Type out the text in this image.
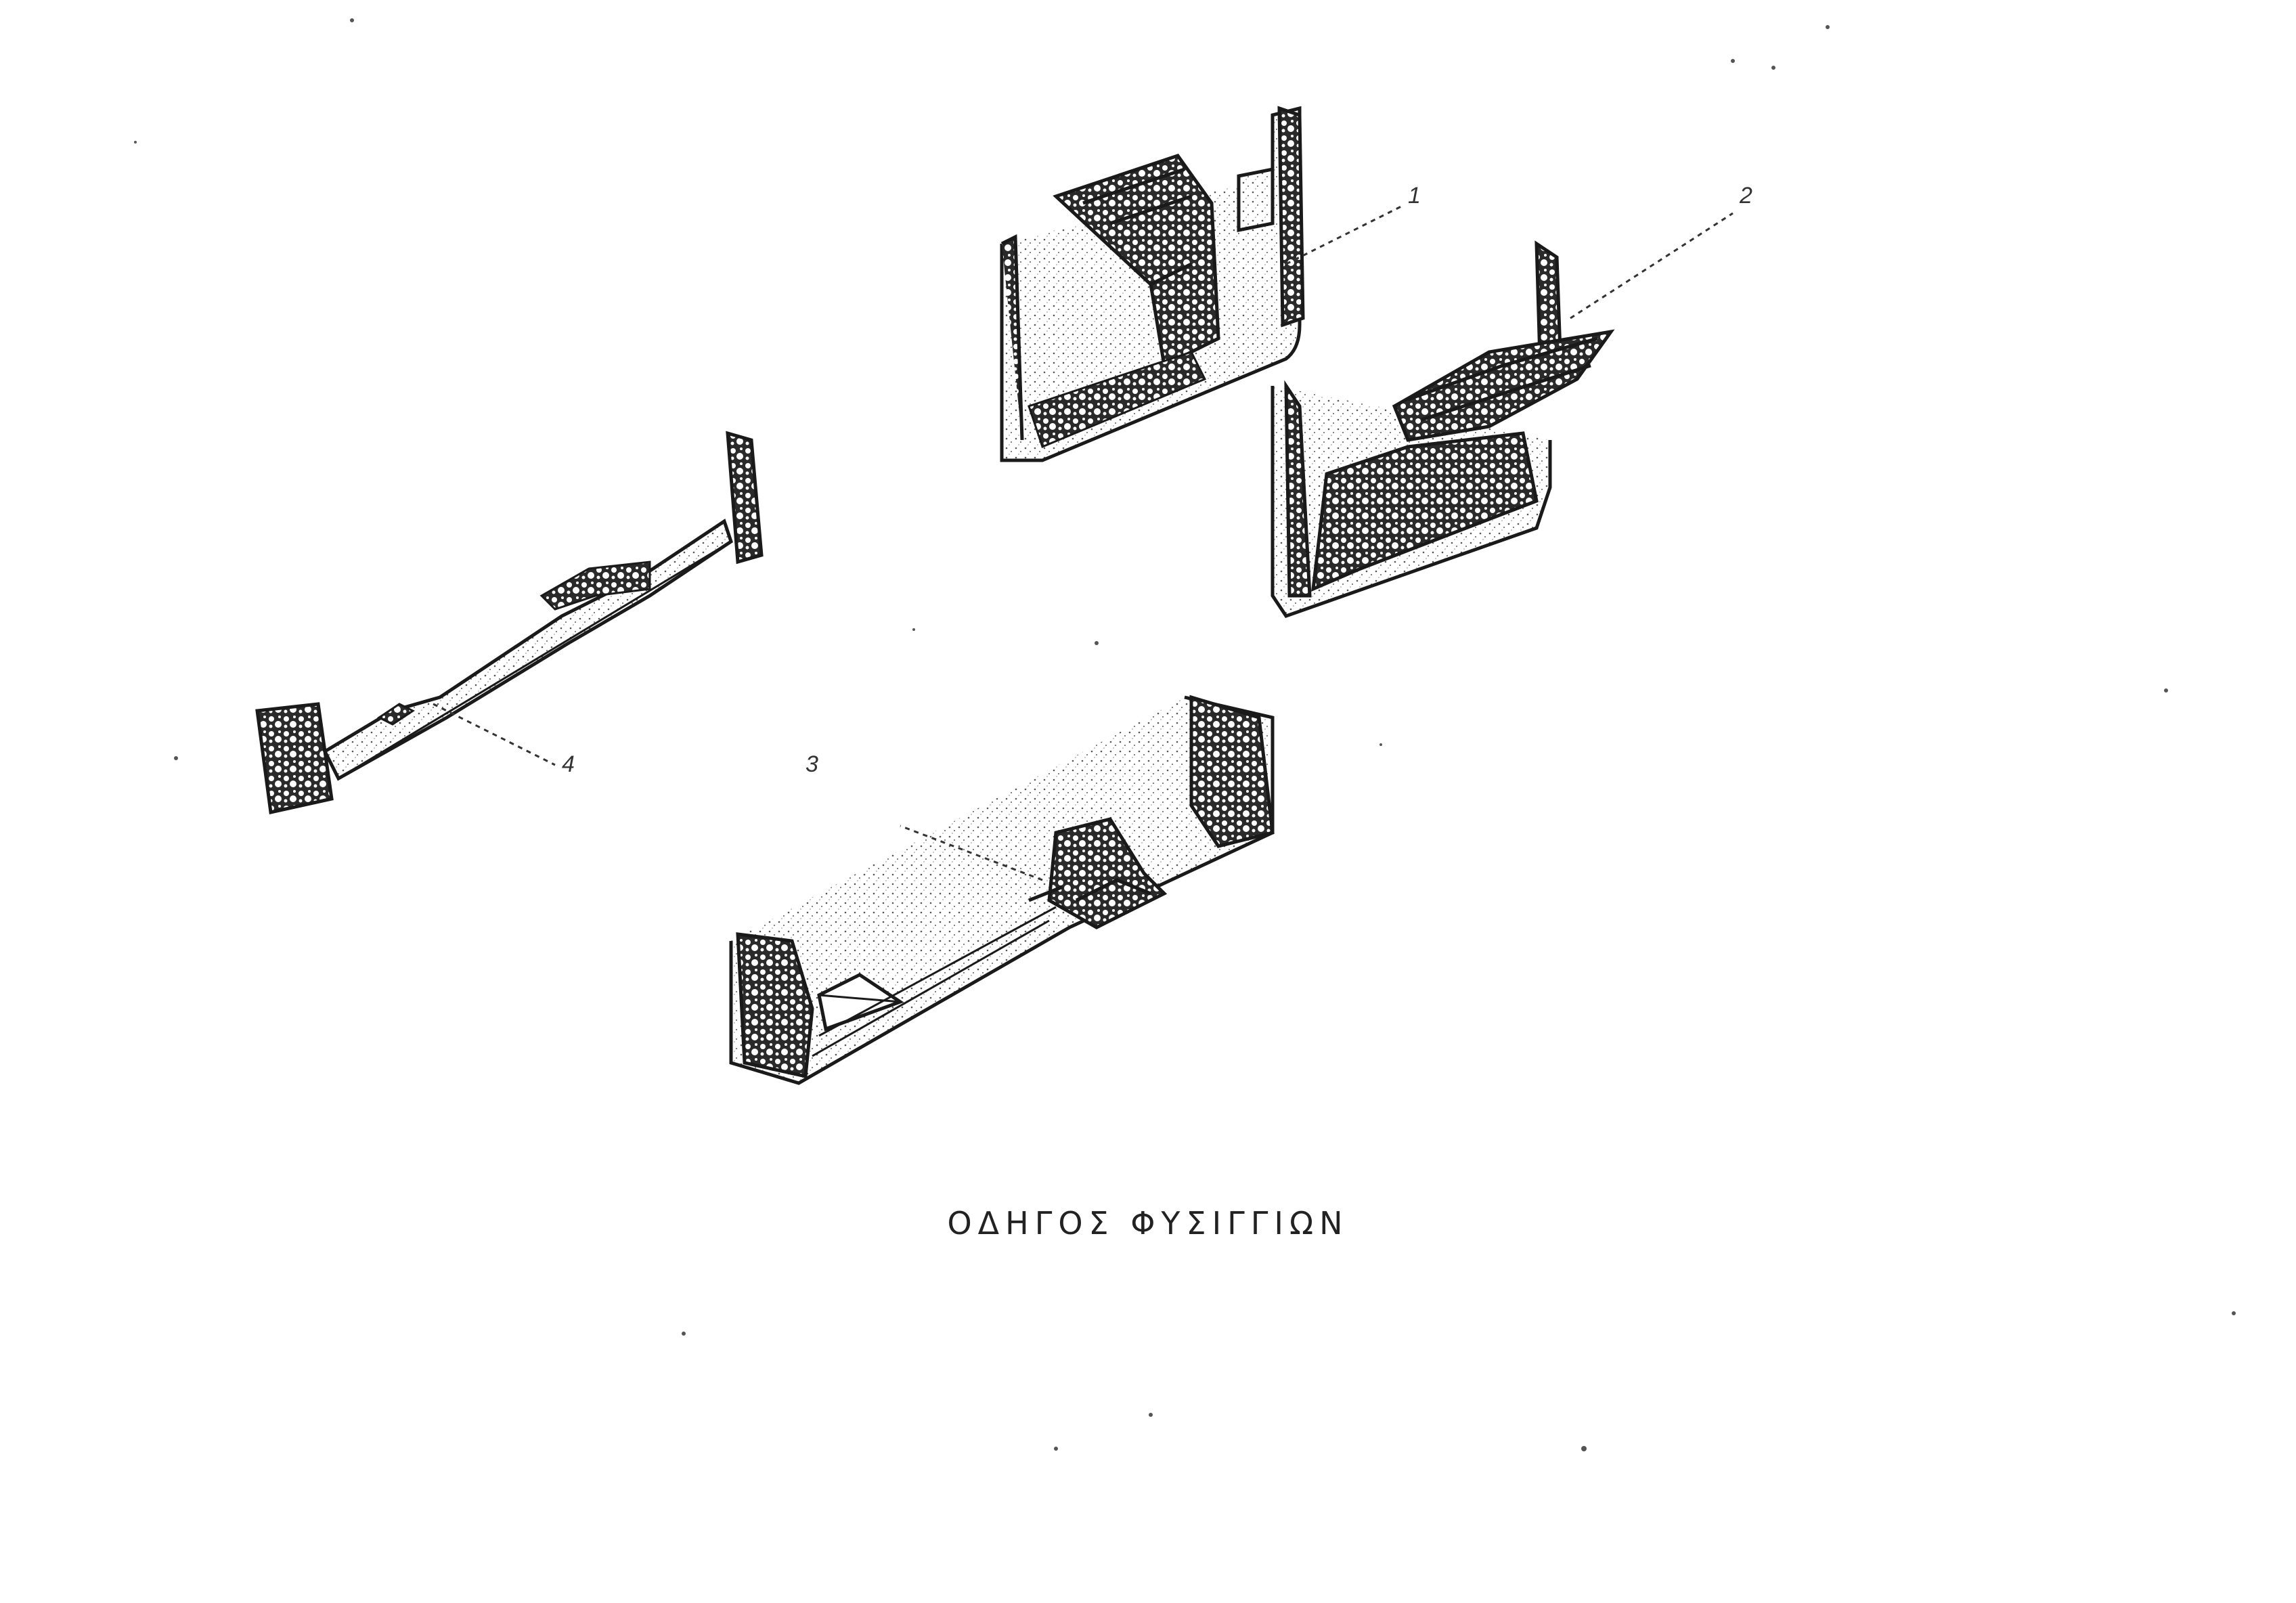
1	2
3
4
ΟΔΗΓΟΣ ΦΥΣΙΓΓΙΩΝ
